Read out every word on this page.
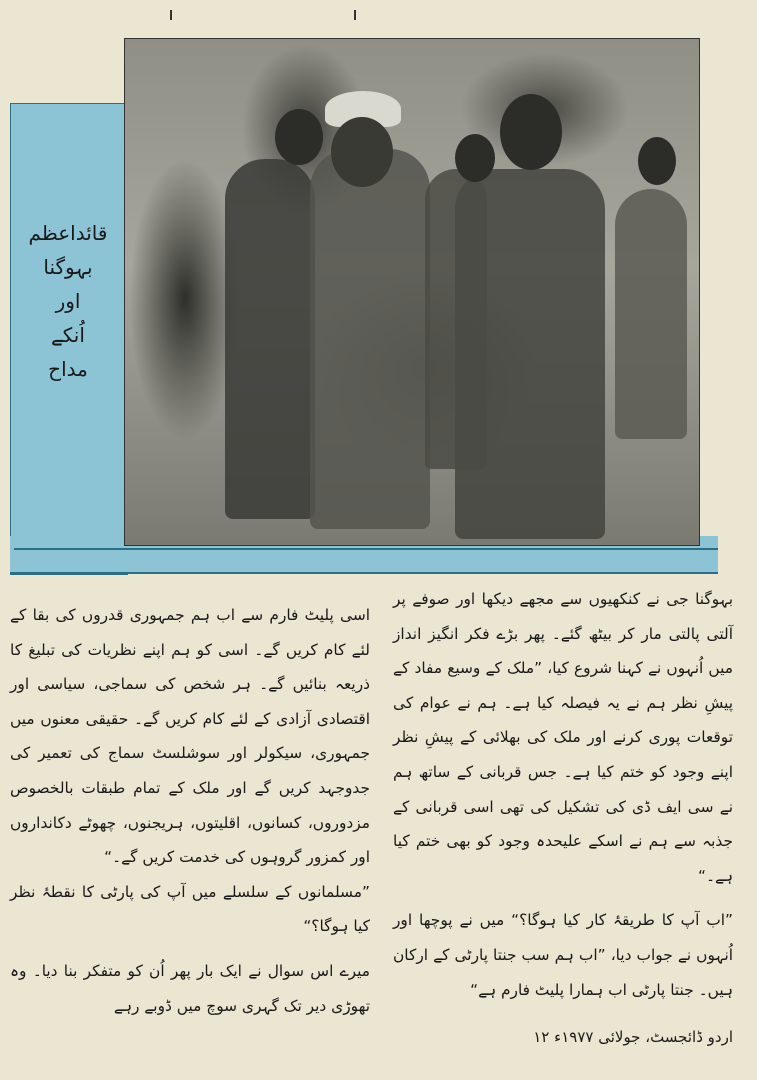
قائداعظم
بہوگنا
اور
اُنکے
مداح

بہوگنا جی نے کنکھیوں سے مجھے دیکھا اور صوفے پر آلتی پالتی مار کر بیٹھ گئے۔ پھر بڑے فکر انگیز انداز میں اُنہوں نے کہنا شروع کیا، ”ملک کے وسیع مفاد کے پیشِ نظر ہم نے یہ فیصلہ کیا ہے۔ ہم نے عوام کی توقعات پوری کرنے اور ملک کی بھلائی کے پیشِ نظر اپنے وجود کو ختم کیا ہے۔ جس قربانی کے ساتھ ہم نے سی ایف ڈی کی تشکیل کی تھی اسی قربانی کے جذبہ سے ہم نے اسکے علیحدہ وجود کو بھی ختم کیا ہے۔“

”اب آپ کا طریقۂ کار کیا ہوگا؟“ میں نے پوچھا اور اُنہوں نے جواب دیا، ”اب ہم سب جنتا پارٹی کے ارکان ہیں۔ جنتا پارٹی اب ہمارا پلیٹ فارم ہے“

اسی پلیٹ فارم سے اب ہم جمہوری قدروں کی بقا کے لئے کام کریں گے۔ اسی کو ہم اپنے نظریات کی تبلیغ کا ذریعہ بنائیں گے۔ ہر شخص کی سماجی، سیاسی اور اقتصادی آزادی کے لئے کام کریں گے۔ حقیقی معنوں میں جمہوری، سیکولر اور سوشلسٹ سماج کی تعمیر کی جدوجہد کریں گے اور ملک کے تمام طبقات بالخصوص مزدوروں، کسانوں، اقلیتوں، ہریجنوں، چھوٹے دکانداروں اور کمزور گروہوں کی خدمت کریں گے۔“

”مسلمانوں کے سلسلے میں آپ کی پارٹی کا نقطۂ نظر کیا ہوگا؟“

میرے اس سوال نے ایک بار پھر اُن کو متفکر بنا دیا۔ وہ تھوڑی دیر تک گہری سوچ میں ڈوبے رہے

اردو ڈائجسٹ، جولائی ۱۹۷۷ء ۱۲
